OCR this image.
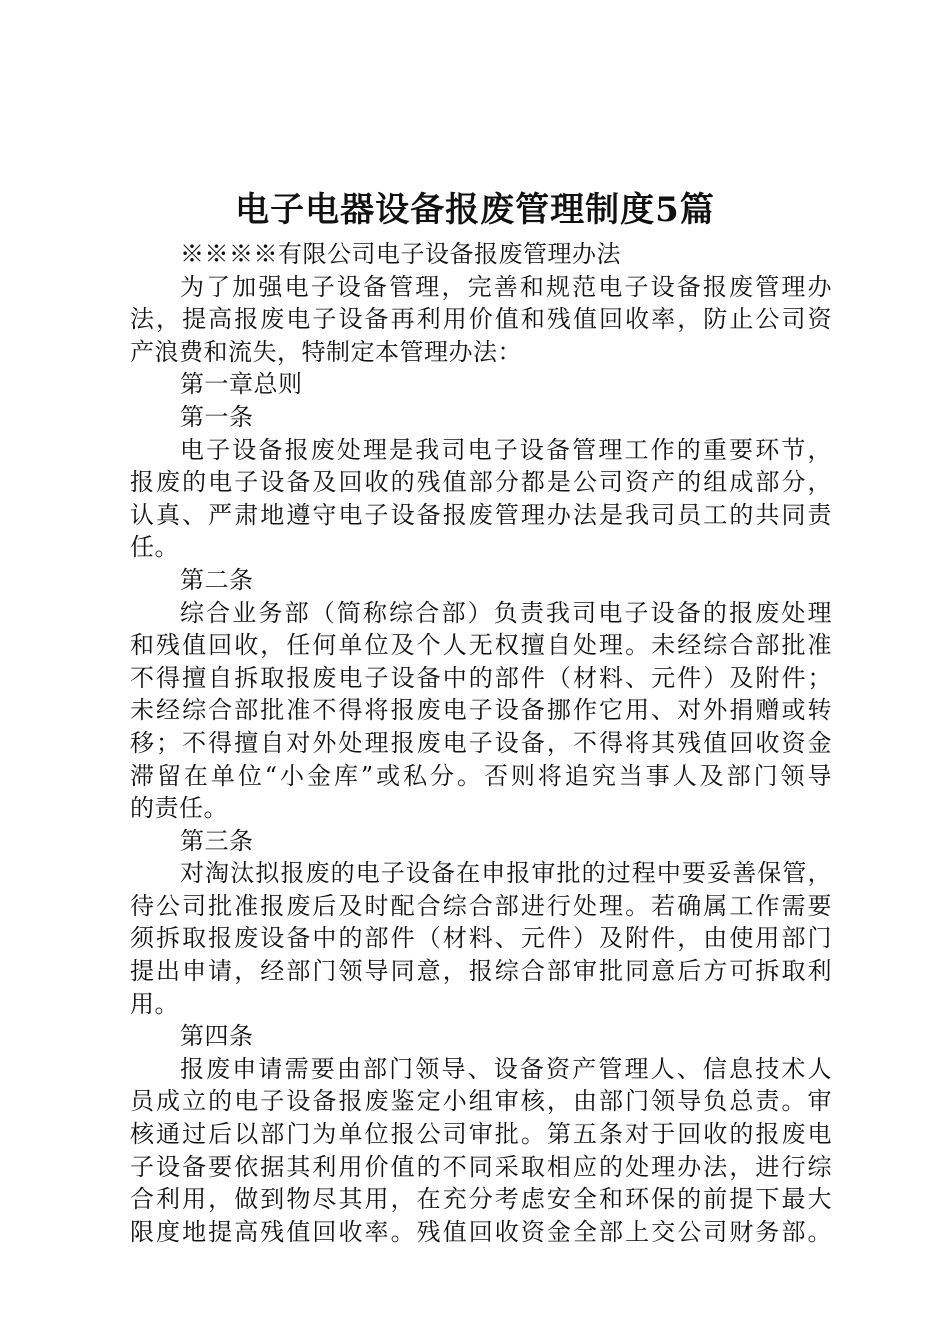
电子电器设备报废管理制度5篇
※※※※有限公司电子设备报废管理办法
为了加强电子设备管理，完善和规范电子设备报废管理办
法，提高报废电子设备再利用价值和残值回收率，防止公司资
产浪费和流失，特制定本管理办法：
第一章总则
第一条
电子设备报废处理是我司电子设备管理工作的重要环节，
报废的电子设备及回收的残值部分都是公司资产的组成部分，
认真、严肃地遵守电子设备报废管理办法是我司员工的共同责
任。
第二条
综合业务部（简称综合部）负责我司电子设备的报废处理
和残值回收，任何单位及个人无权擅自处理。未经综合部批准
不得擅自拆取报废电子设备中的部件（材料、元件）及附件；
未经综合部批准不得将报废电子设备挪作它用、对外捐赠或转
移；不得擅自对外处理报废电子设备，不得将其残值回收资金
滞留在单位“小金库”或私分。否则将追究当事人及部门领导
的责任。
第三条
对淘汰拟报废的电子设备在申报审批的过程中要妥善保管，
待公司批准报废后及时配合综合部进行处理。若确属工作需要
须拆取报废设备中的部件（材料、元件）及附件，由使用部门
提出申请，经部门领导同意，报综合部审批同意后方可拆取利
用。
第四条
报废申请需要由部门领导、设备资产管理人、信息技术人
员成立的电子设备报废鉴定小组审核，由部门领导负总责。审
核通过后以部门为单位报公司审批。第五条对于回收的报废电
子设备要依据其利用价值的不同采取相应的处理办法，进行综
合利用，做到物尽其用，在充分考虑安全和环保的前提下最大
限度地提高残值回收率。残值回收资金全部上交公司财务部。
